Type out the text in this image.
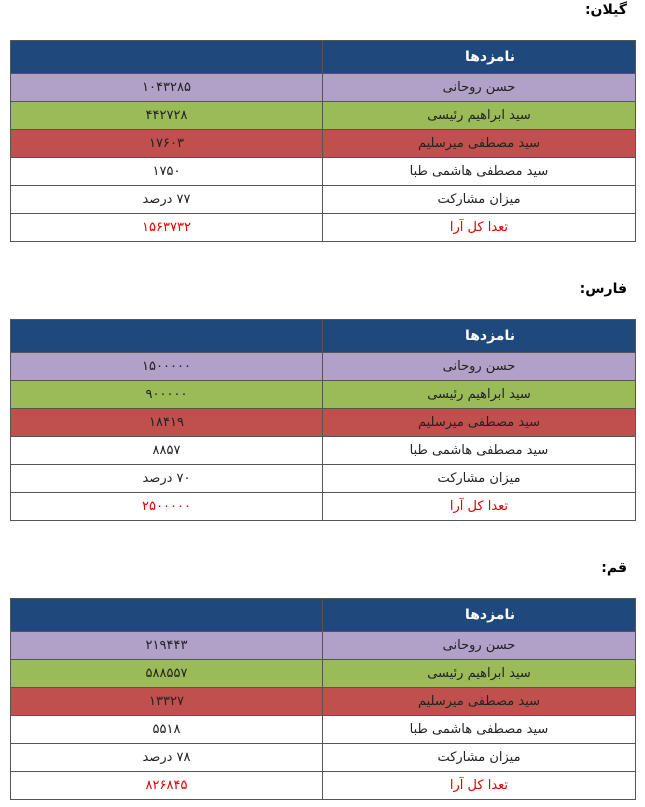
گیلان:
نامزدها	
حسن روحانی	۱۰۴۳۲۸۵
سید ابراهیم رئیسی	۴۴۲۷۲۸
سید مصطفی میرسلیم	۱۷۶۰۳
سید مصطفی هاشمی طبا	۱۷۵۰
میزان مشارکت	۷۷ درصد
تعدا کل آرا	۱۵۶۳۷۳۲
فارس:
نامزدها	
حسن روحانی	۱۵۰۰۰۰۰
سید ابراهیم رئیسی	۹۰۰۰۰۰
سید مصطفی میرسلیم	۱۸۴۱۹
سید مصطفی هاشمی طبا	۸۸۵۷
میزان مشارکت	۷۰ درصد
تعدا کل آرا	۲۵۰۰۰۰۰
قم:
نامزدها	
حسن روحانی	۲۱۹۴۴۳
سید ابراهیم رئیسی	۵۸۸۵۵۷
سید مصطفی میرسلیم	۱۳۳۲۷
سید مصطفی هاشمی طبا	۵۵۱۸
میزان مشارکت	۷۸ درصد
تعدا کل آرا	۸۲۶۸۴۵
